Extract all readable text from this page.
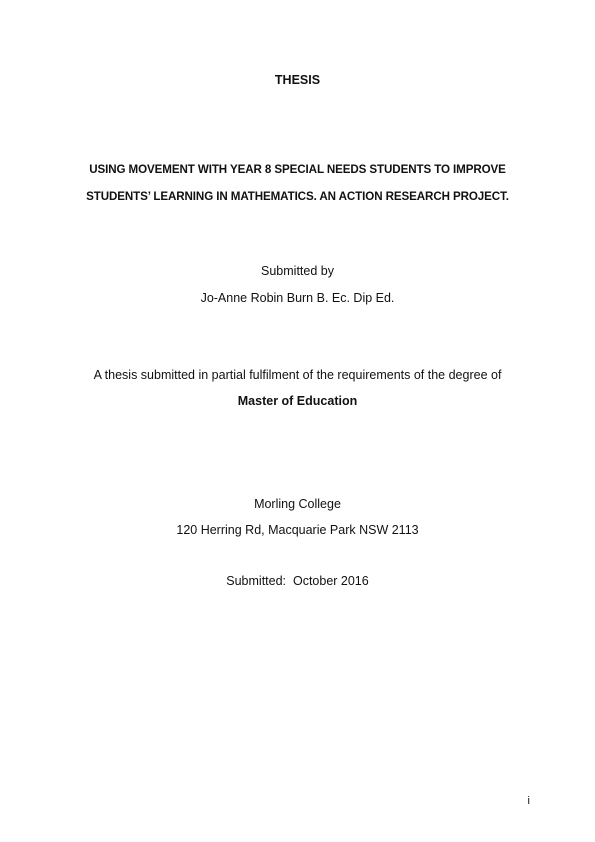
THESIS
USING MOVEMENT WITH YEAR 8 SPECIAL NEEDS STUDENTS TO IMPROVE
STUDENTS’ LEARNING IN MATHEMATICS. AN ACTION RESEARCH PROJECT.
Submitted by
Jo-Anne Robin Burn B. Ec. Dip Ed.
A thesis submitted in partial fulfilment of the requirements of the degree of
Master of Education
Morling College
120 Herring Rd, Macquarie Park NSW 2113
Submitted:  October 2016
i
